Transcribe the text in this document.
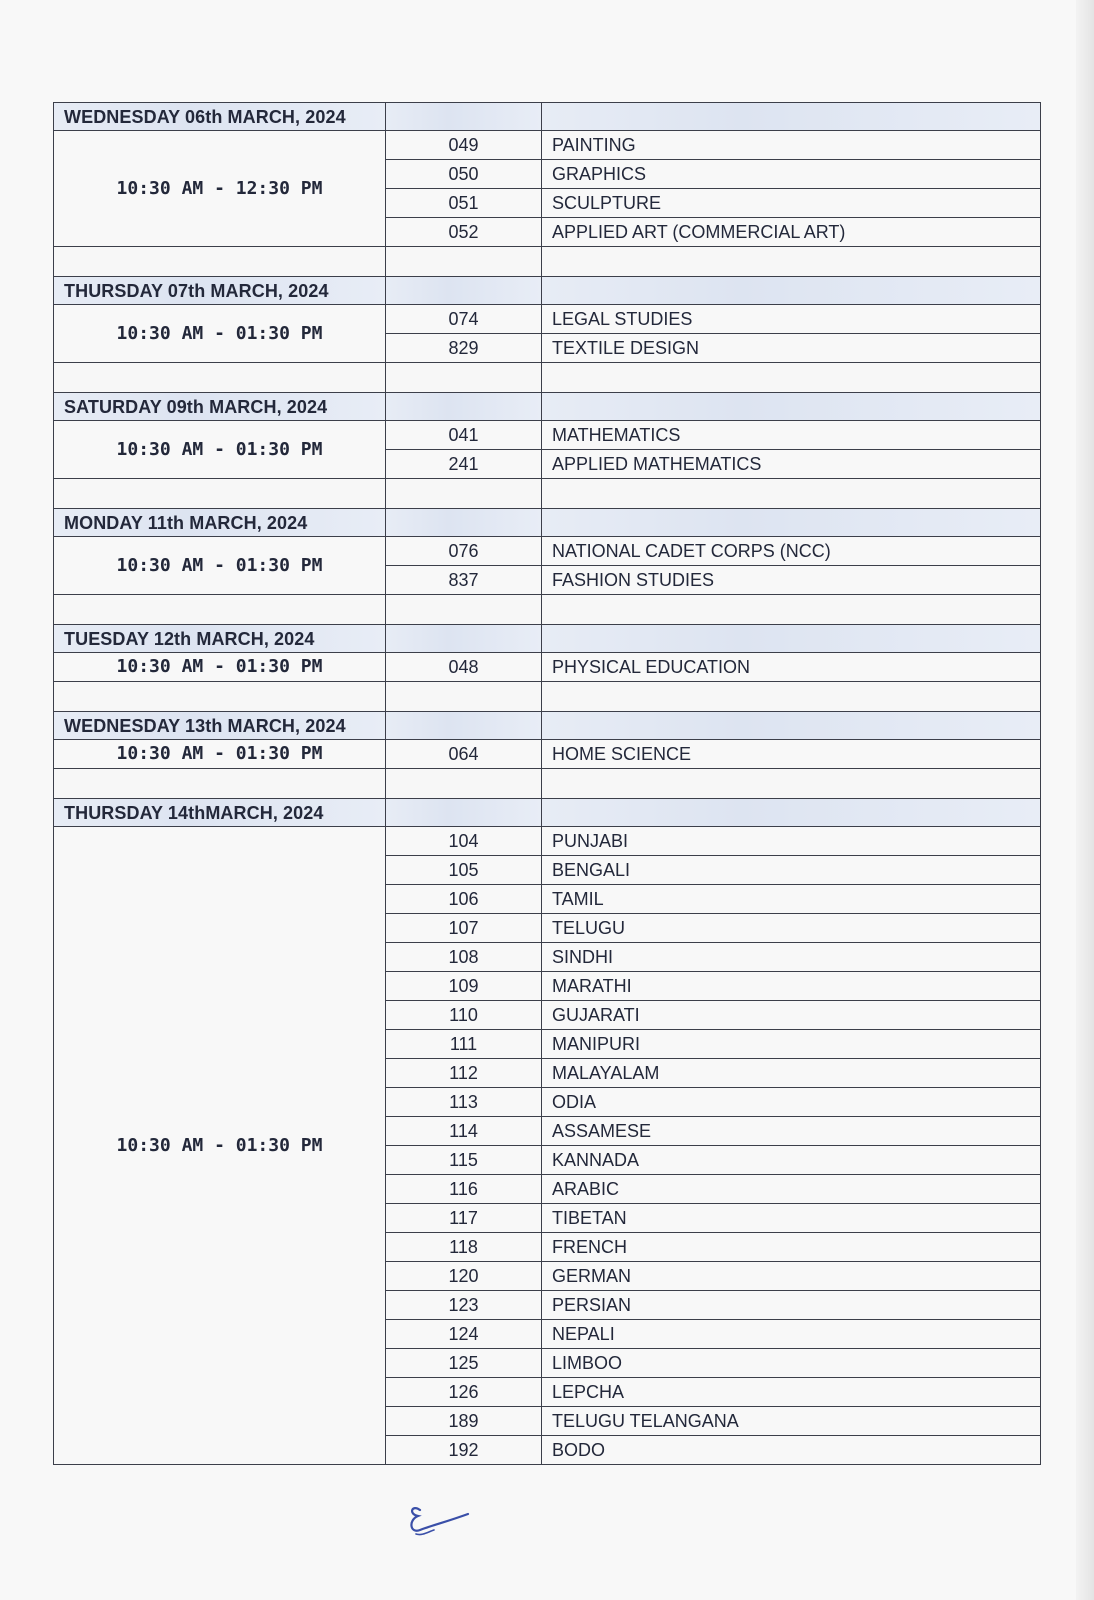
WEDNESDAY 06th MARCH, 2024		
10:30 AM - 12:30 PM	049	PAINTING
	050	GRAPHICS
	051	SCULPTURE
	052	APPLIED ART (COMMERCIAL ART)

THURSDAY 07th MARCH, 2024		
10:30 AM - 01:30 PM	074	LEGAL STUDIES
	829	TEXTILE DESIGN

SATURDAY 09th MARCH, 2024		
10:30 AM - 01:30 PM	041	MATHEMATICS
	241	APPLIED MATHEMATICS

MONDAY 11th MARCH, 2024		
10:30 AM - 01:30 PM	076	NATIONAL CADET CORPS (NCC)
	837	FASHION STUDIES

TUESDAY 12th MARCH, 2024		
10:30 AM - 01:30 PM	048	PHYSICAL EDUCATION

WEDNESDAY 13th MARCH, 2024		
10:30 AM - 01:30 PM	064	HOME SCIENCE

THURSDAY 14thMARCH, 2024		
10:30 AM - 01:30 PM	104	PUNJABI
	105	BENGALI
	106	TAMIL
	107	TELUGU
	108	SINDHI
	109	MARATHI
	110	GUJARATI
	111	MANIPURI
	112	MALAYALAM
	113	ODIA
	114	ASSAMESE
	115	KANNADA
	116	ARABIC
	117	TIBETAN
	118	FRENCH
	120	GERMAN
	123	PERSIAN
	124	NEPALI
	125	LIMBOO
	126	LEPCHA
	189	TELUGU TELANGANA
	192	BODO
